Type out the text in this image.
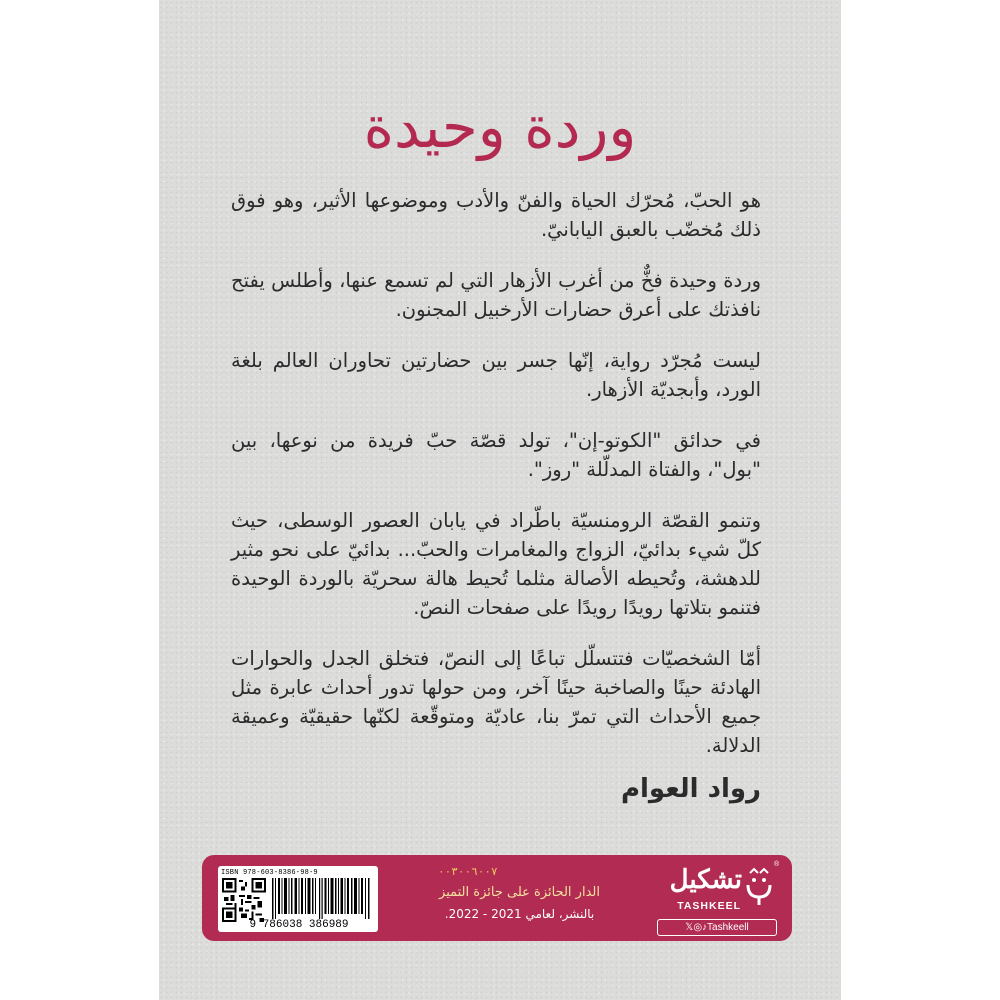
وردة وحيدة

هو الحبّ، مُحرّك الحياة والفنّ والأدب وموضوعها الأثير، وهو فوق ذلك مُخضّب بالعبق اليابانيّ.

وردة وحيدة فخٌّ من أغرب الأزهار التي لم تسمع عنها، وأطلس يفتح نافذتك على أعرق حضارات الأرخبيل المجنون.

ليست مُجرّد رواية، إنّها جسر بين حضارتين تحاوران العالم بلغة الورد، وأبجديّة الأزهار.

في حدائق "الكوتو-إن"، تولد قصّة حبّ فريدة من نوعها، بين "بول"، والفتاة المدلّلة "روز".

وتنمو القصّة الرومنسيّة باطّراد في يابان العصور الوسطى، حيث كلّ شيء بدائيّ، الزواج والمغامرات والحبّ... بدائيّ على نحو مثير للدهشة، وتُحيطه الأصالة مثلما تُحيط هالة سحريّة بالوردة الوحيدة فتنمو بتلاتها رويدًا رويدًا على صفحات النصّ.

أمّا الشخصيّات فتتسلّل تباعًا إلى النصّ، فتخلق الجدل والحوارات الهادئة حينًا والصاخبة حينًا آخر، ومن حولها تدور أحداث عابرة مثل جميع الأحداث التي تمرّ بنا، عاديّة ومتوقّعة لكنّها حقيقيّة وعميقة الدلالة.

رواد العوام
ISBN 978-603-8386-98-9
9 786038 386989
٠٠٣٠٠٦٠٠٧
الدار الحائزة على جائزة التميز
بالنشر، لعامي 2021 - 2022.
تشكيل
®
TASHKEEL
𝕏◎♪Tashkeell
